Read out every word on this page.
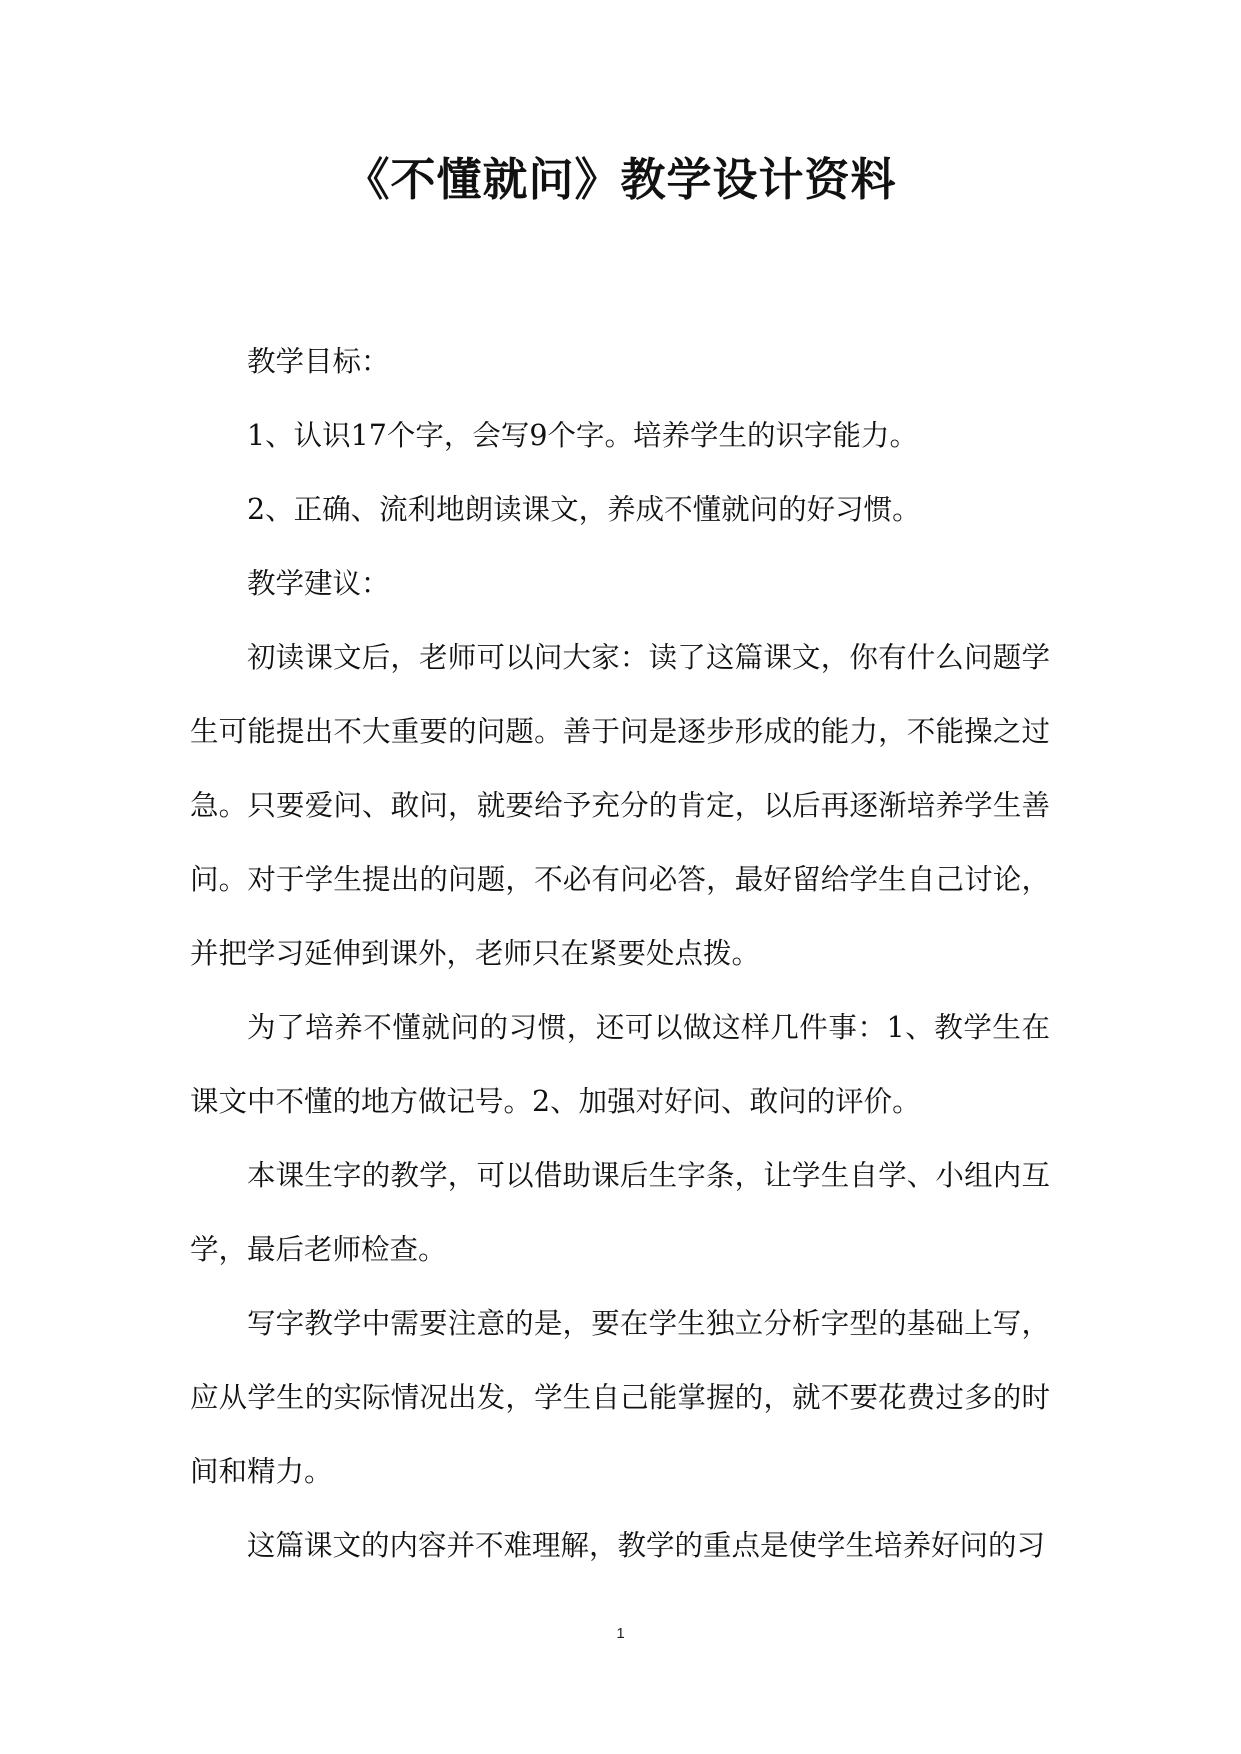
《不懂就问》教学设计资料

教学目标：

1、认识17个字，会写9个字。培养学生的识字能力。

2、正确、流利地朗读课文，养成不懂就问的好习惯。

教学建议：

初读课文后，老师可以问大家：读了这篇课文，你有什么问题学生可能提出不大重要的问题。善于问是逐步形成的能力，不能操之过急。只要爱问、敢问，就要给予充分的肯定，以后再逐渐培养学生善问。对于学生提出的问题，不必有问必答，最好留给学生自己讨论，并把学习延伸到课外，老师只在紧要处点拨。

为了培养不懂就问的习惯，还可以做这样几件事：1、教学生在课文中不懂的地方做记号。2、加强对好问、敢问的评价。

本课生字的教学，可以借助课后生字条，让学生自学、小组内互学，最后老师检查。

写字教学中需要注意的是，要在学生独立分析字型的基础上写，应从学生的实际情况出发，学生自己能掌握的，就不要花费过多的时间和精力。

这篇课文的内容并不难理解，教学的重点是使学生培养好问的习

1
